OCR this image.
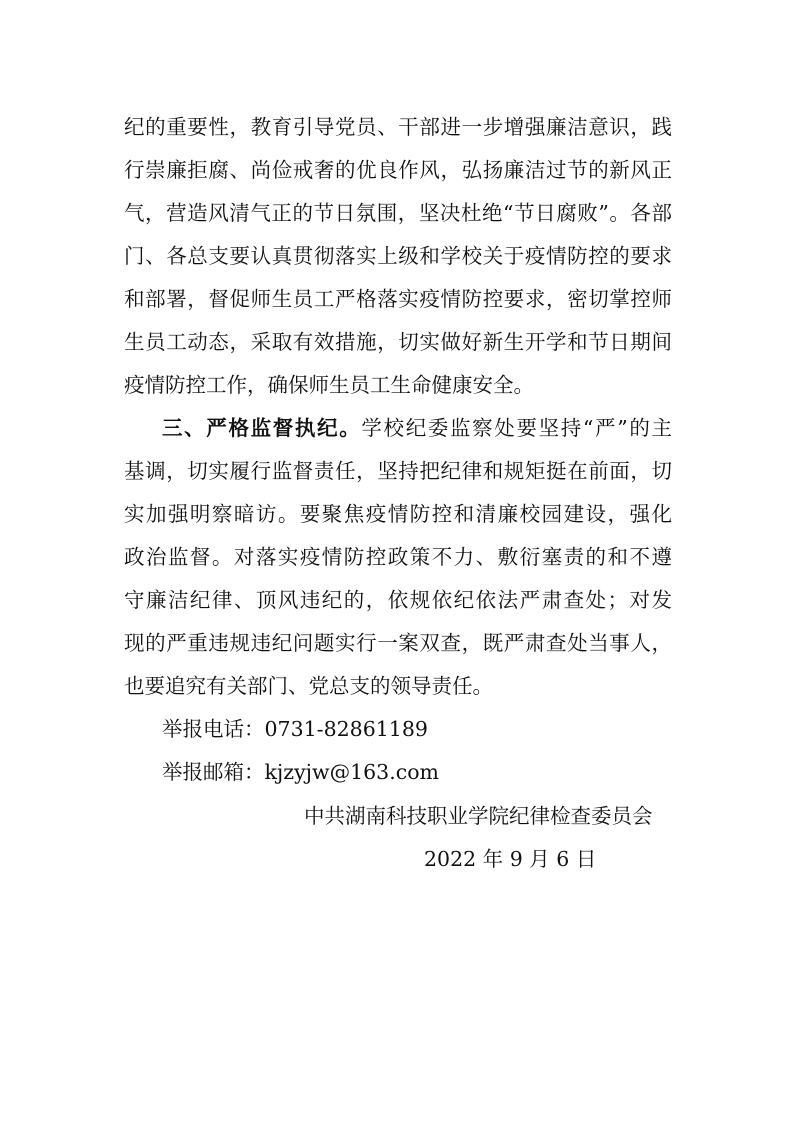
纪的重要性，教育引导党员、干部进一步增强廉洁意识，践
行崇廉拒腐、尚俭戒奢的优良作风，弘扬廉洁过节的新风正
气，营造风清气正的节日氛围，坚决杜绝“节日腐败”。各部
门、各总支要认真贯彻落实上级和学校关于疫情防控的要求
和部署，督促师生员工严格落实疫情防控要求，密切掌控师
生员工动态，采取有效措施，切实做好新生开学和节日期间
疫情防控工作，确保师生员工生命健康安全。
三、严格监督执纪。学校纪委监察处要坚持“严”的主
基调，切实履行监督责任，坚持把纪律和规矩挺在前面，切
实加强明察暗访。要聚焦疫情防控和清廉校园建设，强化
政治监督。对落实疫情防控政策不力、敷衍塞责的和不遵
守廉洁纪律、顶风违纪的，依规依纪依法严肃查处；对发
现的严重违规违纪问题实行一案双查，既严肃查处当事人，
也要追究有关部门、党总支的领导责任。
举报电话：0731-82861189
举报邮箱：kjzyjw@163.com
中共湖南科技职业学院纪律检查委员会
2022 年 9 月 6 日
